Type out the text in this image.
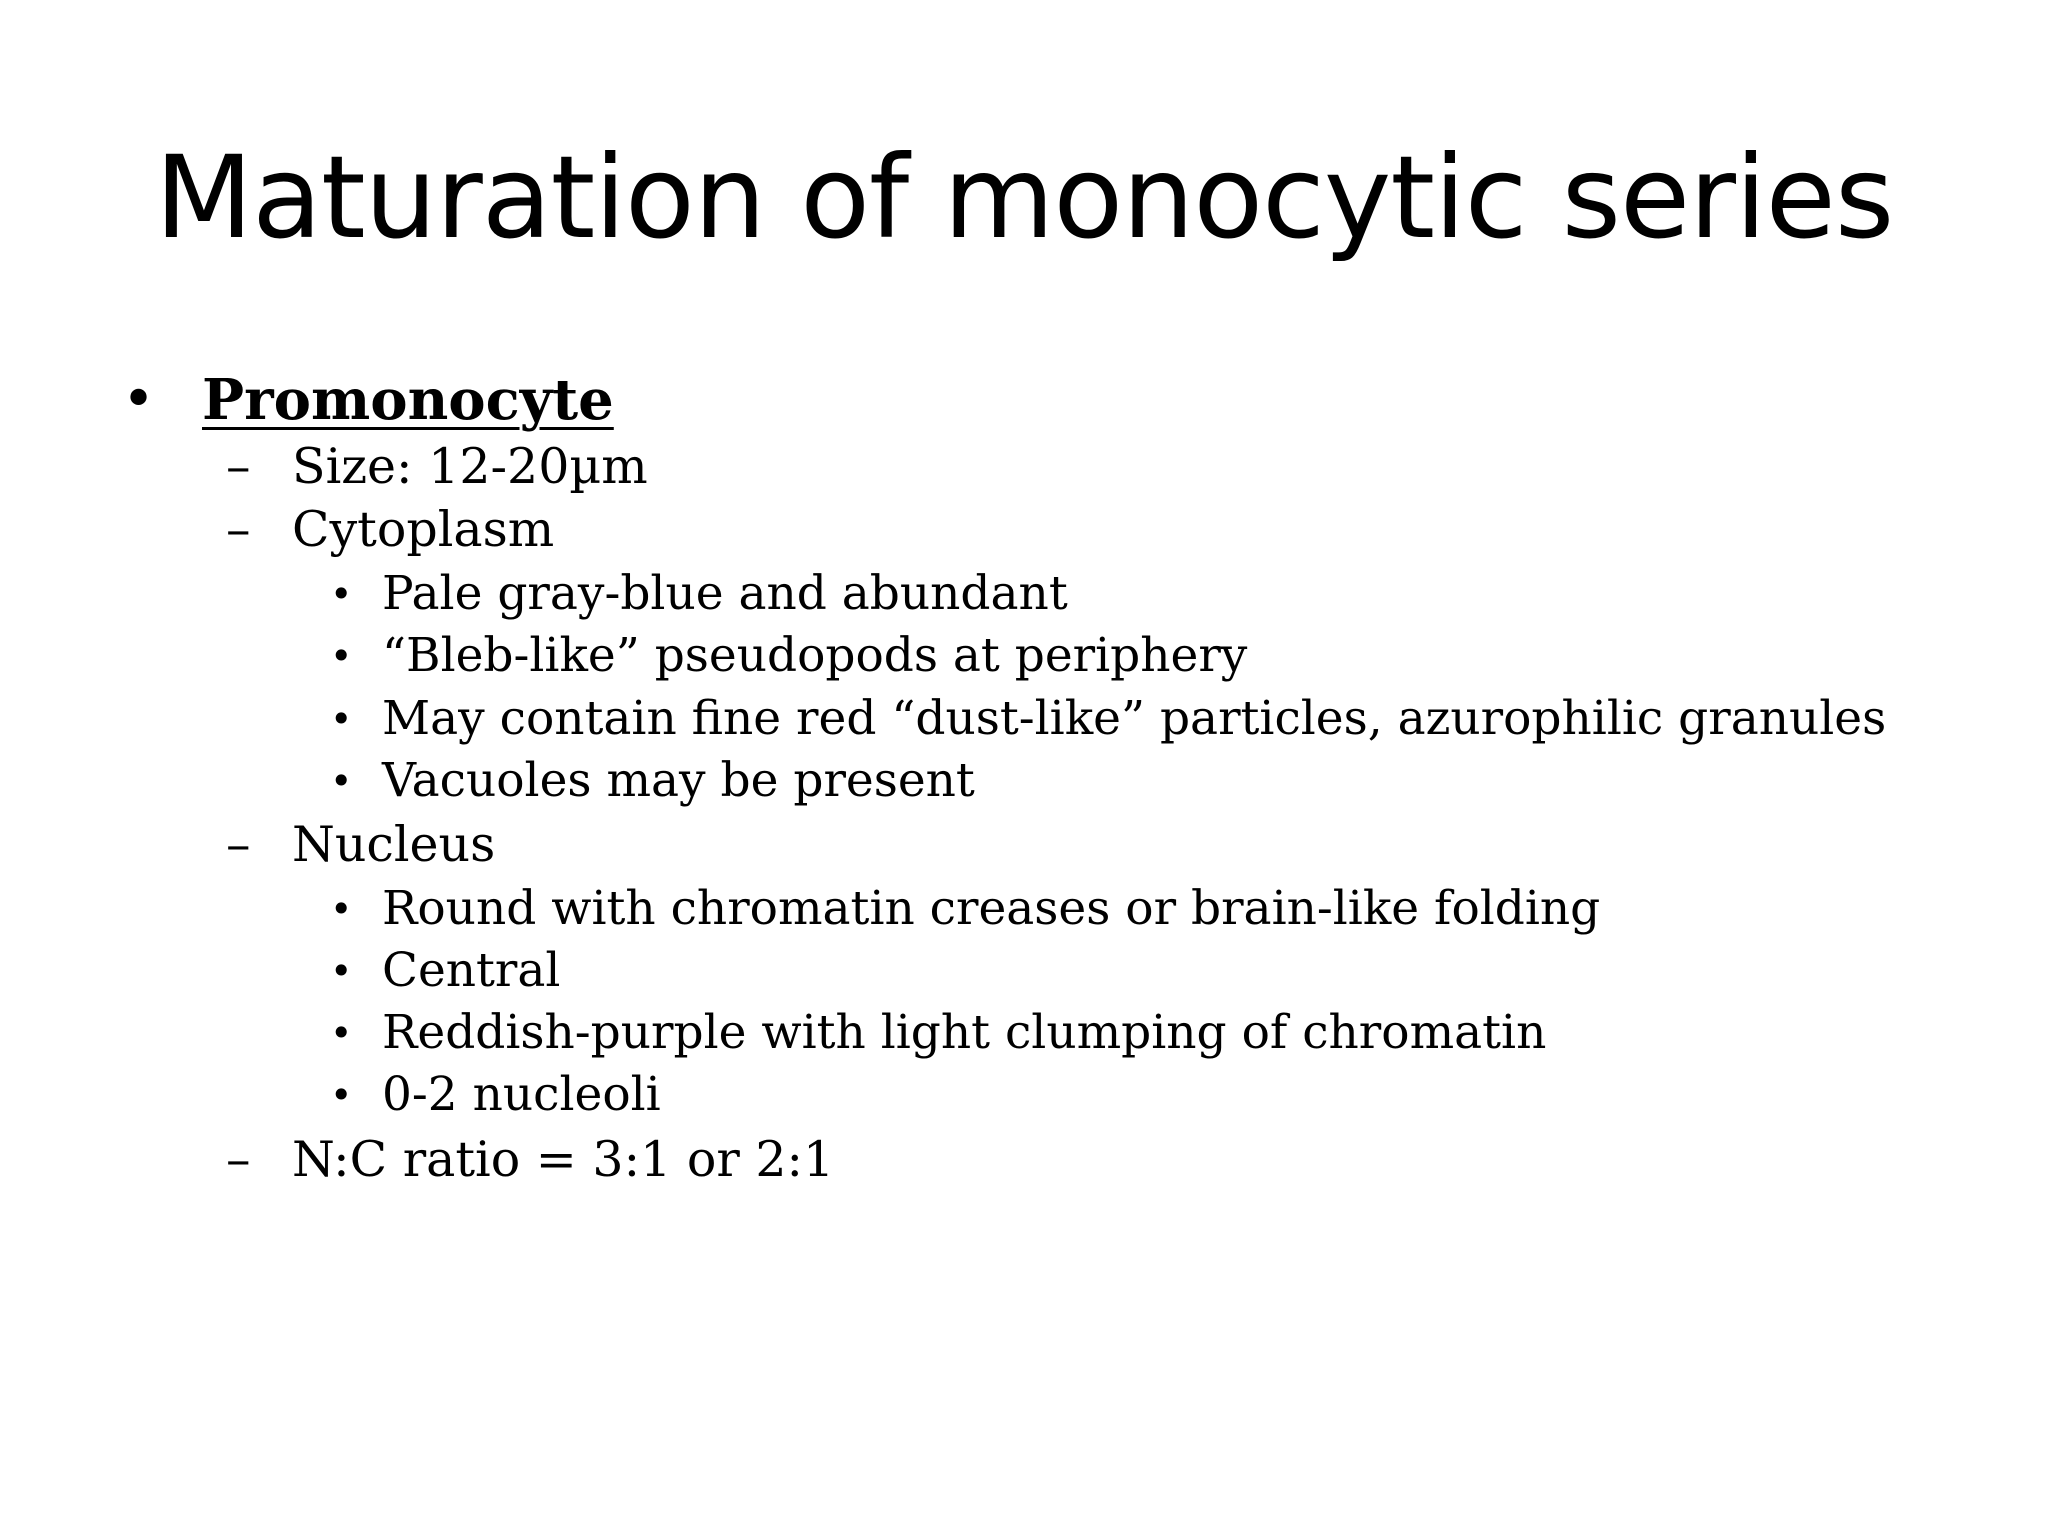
Maturation of monocytic series
• Promonocyte
– Size: 12-20µm
– Cytoplasm
• Pale gray-blue and abundant
• “Bleb-like” pseudopods at periphery
• May contain fine red “dust-like” particles, azurophilic granules
• Vacuoles may be present
– Nucleus
• Round with chromatin creases or brain-like folding
• Central
• Reddish-purple with light clumping of chromatin
• 0-2 nucleoli
– N:C ratio = 3:1 or 2:1
